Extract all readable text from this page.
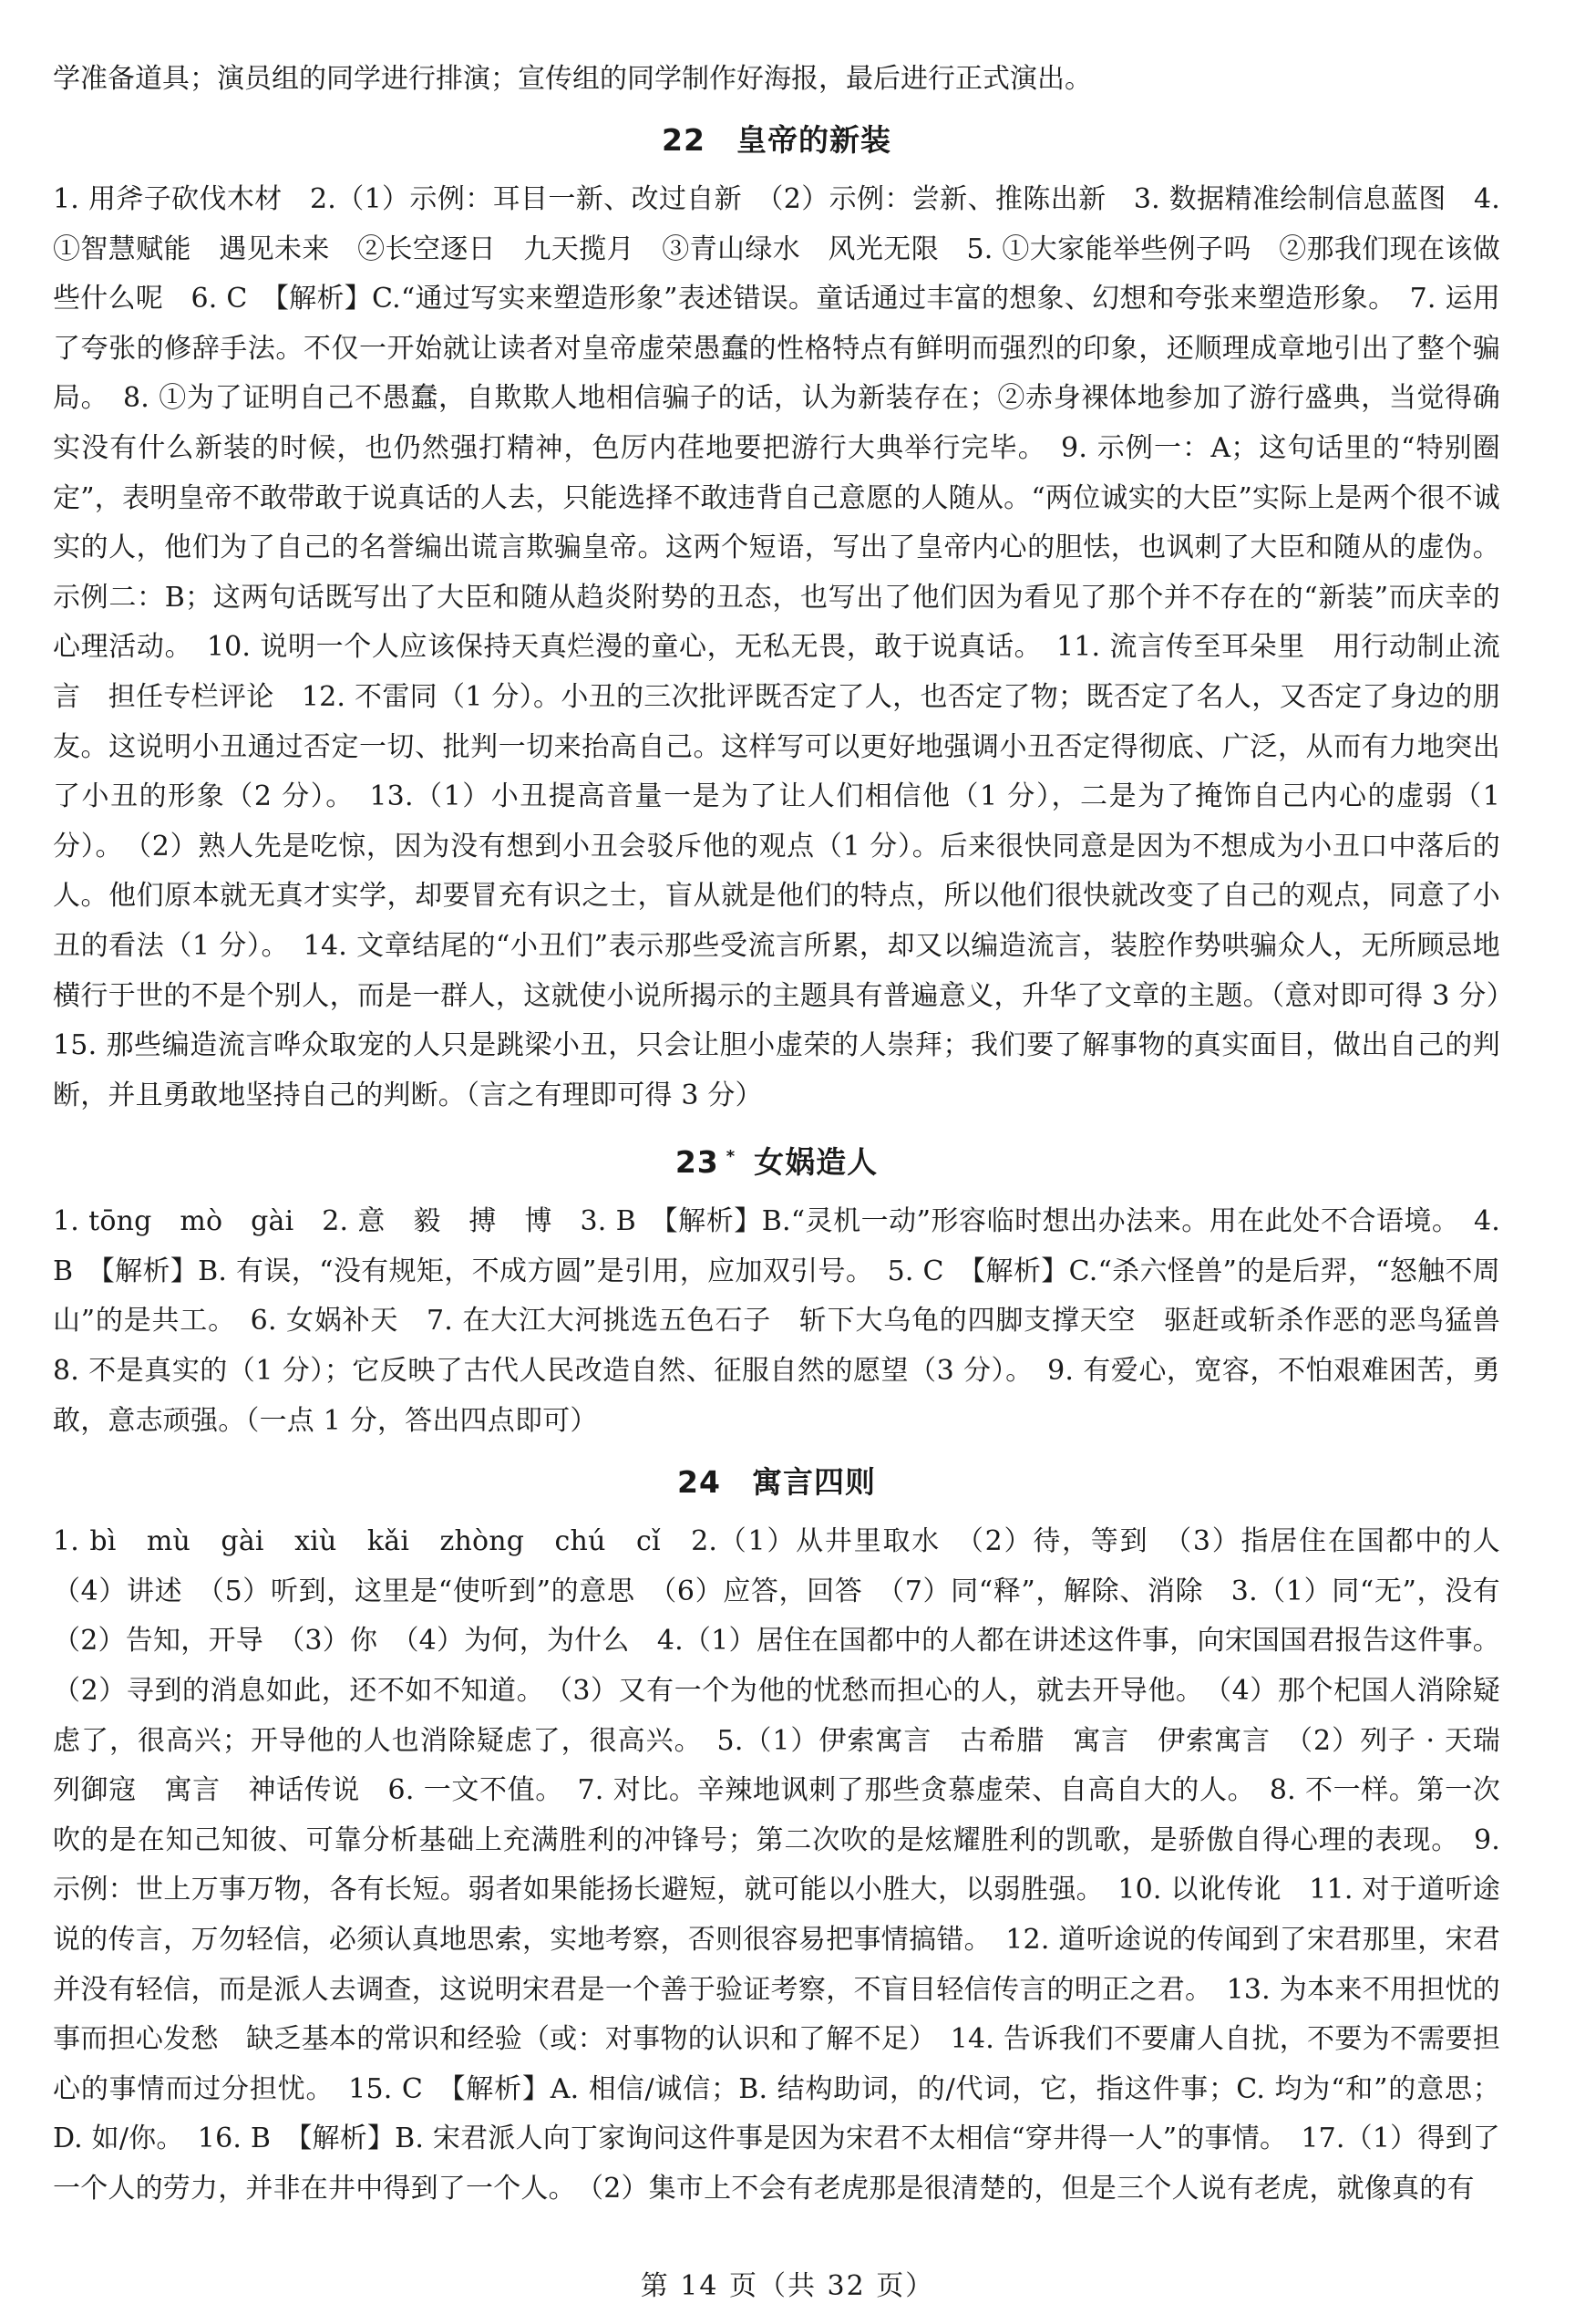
学准备道具；演员组的同学进行排演；宣传组的同学制作好海报，最后进行正式演出。

22 皇帝的新装

1. 用斧子砍伐木材　2.（1）示例：耳目一新、改过自新　（2）示例：尝新、推陈出新　3. 数据精准绘制信息蓝图　4. ①智慧赋能　遇见未来　②长空逐日　九天揽月　③青山绿水　风光无限　5. ①大家能举些例子吗　②那我们现在该做些什么呢　6. C　【解析】C.“通过写实来塑造形象”表述错误。童话通过丰富的想象、幻想和夸张来塑造形象。　7. 运用了夸张的修辞手法。不仅一开始就让读者对皇帝虚荣愚蠢的性格特点有鲜明而强烈的印象，还顺理成章地引出了整个骗局。　8. ①为了证明自己不愚蠢，自欺欺人地相信骗子的话，认为新装存在；②赤身裸体地参加了游行盛典，当觉得确实没有什么新装的时候，也仍然强打精神，色厉内荏地要把游行大典举行完毕。　9. 示例一：A；这句话里的“特别圈定”，表明皇帝不敢带敢于说真话的人去，只能选择不敢违背自己意愿的人随从。“两位诚实的大臣”实际上是两个很不诚实的人，他们为了自己的名誉编出谎言欺骗皇帝。这两个短语，写出了皇帝内心的胆怯，也讽刺了大臣和随从的虚伪。示例二：B；这两句话既写出了大臣和随从趋炎附势的丑态，也写出了他们因为看见了那个并不存在的“新装”而庆幸的心理活动。　10. 说明一个人应该保持天真烂漫的童心，无私无畏，敢于说真话。　11. 流言传至耳朵里　用行动制止流言　担任专栏评论　12. 不雷同（1 分）。小丑的三次批评既否定了人，也否定了物；既否定了名人，又否定了身边的朋友。这说明小丑通过否定一切、批判一切来抬高自己。这样写可以更好地强调小丑否定得彻底、广泛，从而有力地突出了小丑的形象（2 分）。　13.（1）小丑提高音量一是为了让人们相信他（1 分），二是为了掩饰自己内心的虚弱（1 分）。　（2）熟人先是吃惊，因为没有想到小丑会驳斥他的观点（1 分）。后来很快同意是因为不想成为小丑口中落后的人。他们原本就无真才实学，却要冒充有识之士，盲从就是他们的特点，所以他们很快就改变了自己的观点，同意了小丑的看法（1 分）。　14. 文章结尾的“小丑们”表示那些受流言所累，却又以编造流言，装腔作势哄骗众人，无所顾忌地横行于世的不是个别人，而是一群人，这就使小说所揭示的主题具有普遍意义，升华了文章的主题。（意对即可得 3 分）　15. 那些编造流言哗众取宠的人只是跳梁小丑，只会让胆小虚荣的人崇拜；我们要了解事物的真实面目，做出自己的判断，并且勇敢地坚持自己的判断。（言之有理即可得 3 分）

23 * 女娲造人

1. tōng　mò　gài　2. 意　毅　搏　博　3. B　【解析】B.“灵机一动”形容临时想出办法来。用在此处不合语境。　4. B　【解析】B. 有误，“没有规矩，不成方圆”是引用，应加双引号。　5. C　【解析】C.“杀六怪兽”的是后羿，“怒触不周山”的是共工。　6. 女娲补天　7. 在大江大河挑选五色石子　斩下大乌龟的四脚支撑天空　驱赶或斩杀作恶的恶鸟猛兽　8. 不是真实的（1 分）；它反映了古代人民改造自然、征服自然的愿望（3 分）。　9. 有爱心，宽容，不怕艰难困苦，勇敢，意志顽强。（一点 1 分，答出四点即可）

24 寓言四则

1. bì　mù　gài　xiù　kǎi　zhòng　chú　cǐ　2.（1）从井里取水　（2）待，等到　（3）指居住在国都中的人　（4）讲述　（5）听到，这里是“使听到”的意思　（6）应答，回答　（7）同“释”，解除、消除　3.（1）同“无”，没有　（2）告知，开导　（3）你　（4）为何，为什么　4.（1）居住在国都中的人都在讲述这件事，向宋国国君报告这件事。（2）寻到的消息如此，还不如不知道。　（3）又有一个为他的忧愁而担心的人，就去开导他。　（4）那个杞国人消除疑虑了，很高兴；开导他的人也消除疑虑了，很高兴。　5.（1）伊索寓言　古希腊　寓言　伊索寓言　（2）列子 · 天瑞　列御寇　寓言　神话传说　6. 一文不值。　7. 对比。辛辣地讽刺了那些贪慕虚荣、自高自大的人。　8. 不一样。第一次吹的是在知己知彼、可靠分析基础上充满胜利的冲锋号；第二次吹的是炫耀胜利的凯歌，是骄傲自得心理的表现。　9. 示例：世上万事万物，各有长短。弱者如果能扬长避短，就可能以小胜大，以弱胜强。　10. 以讹传讹　11. 对于道听途说的传言，万勿轻信，必须认真地思索，实地考察，否则很容易把事情搞错。　12. 道听途说的传闻到了宋君那里，宋君并没有轻信，而是派人去调查，这说明宋君是一个善于验证考察，不盲目轻信传言的明正之君。　13. 为本来不用担忧的事而担心发愁　缺乏基本的常识和经验（或：对事物的认识和了解不足）　14. 告诉我们不要庸人自扰，不要为不需要担心的事情而过分担忧。　15. C　【解析】A. 相信/诚信；B. 结构助词，的/代词，它，指这件事；C. 均为“和”的意思；D. 如/你。　16. B　【解析】B. 宋君派人向丁家询问这件事是因为宋君不太相信“穿井得一人”的事情。　17.（1）得到了一个人的劳力，并非在井中得到了一个人。　（2）集市上不会有老虎那是很清楚的，但是三个人说有老虎，就像真的有

第 14 页（共 32 页）
